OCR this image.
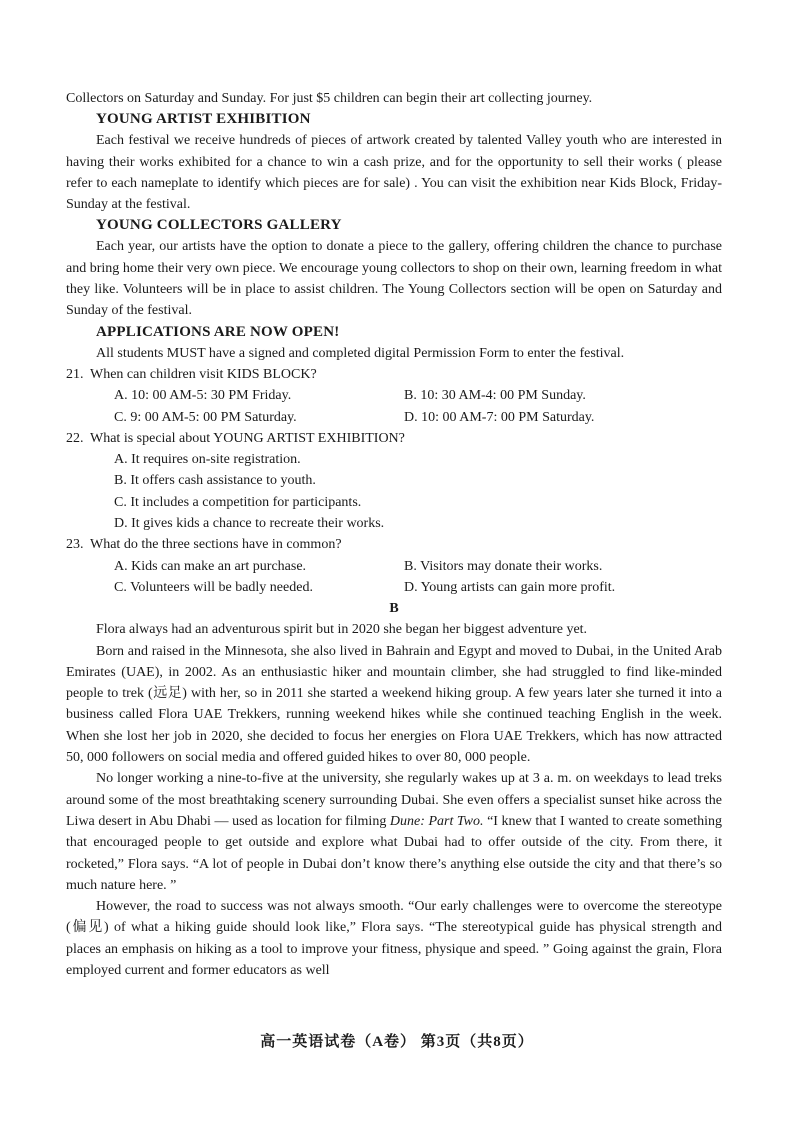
Collectors on Saturday and Sunday. For just $5 children can begin their art collecting journey.

YOUNG ARTIST EXHIBITION

Each festival we receive hundreds of pieces of artwork created by talented Valley youth who are interested in having their works exhibited for a chance to win a cash prize, and for the opportunity to sell their works ( please refer to each nameplate to identify which pieces are for sale) . You can visit the exhibition near Kids Block, Friday-Sunday at the festival.

YOUNG COLLECTORS GALLERY

Each year, our artists have the option to donate a piece to the gallery, offering children the chance to purchase and bring home their very own piece. We encourage young collectors to shop on their own, learning freedom in what they like. Volunteers will be in place to assist children. The Young Collectors section will be open on Saturday and Sunday of the festival.

APPLICATIONS ARE NOW OPEN!

All students MUST have a signed and completed digital Permission Form to enter the festival.

21. When can children visit KIDS BLOCK?
A. 10: 00 AM-5: 30 PM Friday.	B. 10: 30 AM-4: 00 PM Sunday.
C. 9: 00 AM-5: 00 PM Saturday.	D. 10: 00 AM-7: 00 PM Saturday.
22. What is special about YOUNG ARTIST EXHIBITION?
A. It requires on-site registration.
B. It offers cash assistance to youth.
C. It includes a competition for participants.
D. It gives kids a chance to recreate their works.
23. What do the three sections have in common?
A. Kids can make an art purchase.	B. Visitors may donate their works.
C. Volunteers will be badly needed.	D. Young artists can gain more profit.
B

Flora always had an adventurous spirit but in 2020 she began her biggest adventure yet.

Born and raised in the Minnesota, she also lived in Bahrain and Egypt and moved to Dubai, in the United Arab Emirates (UAE), in 2002. As an enthusiastic hiker and mountain climber, she had struggled to find like-minded people to trek (远足) with her, so in 2011 she started a weekend hiking group. A few years later she turned it into a business called Flora UAE Trekkers, running weekend hikes while she continued teaching English in the week. When she lost her job in 2020, she decided to focus her energies on Flora UAE Trekkers, which has now attracted 50, 000 followers on social media and offered guided hikes to over 80, 000 people.

No longer working a nine-to-five at the university, she regularly wakes up at 3 a. m. on weekdays to lead treks around some of the most breathtaking scenery surrounding Dubai. She even offers a specialist sunset hike across the Liwa desert in Abu Dhabi — used as location for filming Dune: Part Two. “I knew that I wanted to create something that encouraged people to get outside and explore what Dubai had to offer outside of the city. From there, it rocketed,” Flora says. “A lot of people in Dubai don’t know there’s anything else outside the city and that there’s so much nature here. ”

However, the road to success was not always smooth. “Our early challenges were to overcome the stereotype (偏见) of what a hiking guide should look like,” Flora says. “The stereotypical guide has physical strength and places an emphasis on hiking as a tool to improve your fitness, physique and speed. ” Going against the grain, Flora employed current and former educators as well

高一英语试卷（A卷） 第3页（共8页）
